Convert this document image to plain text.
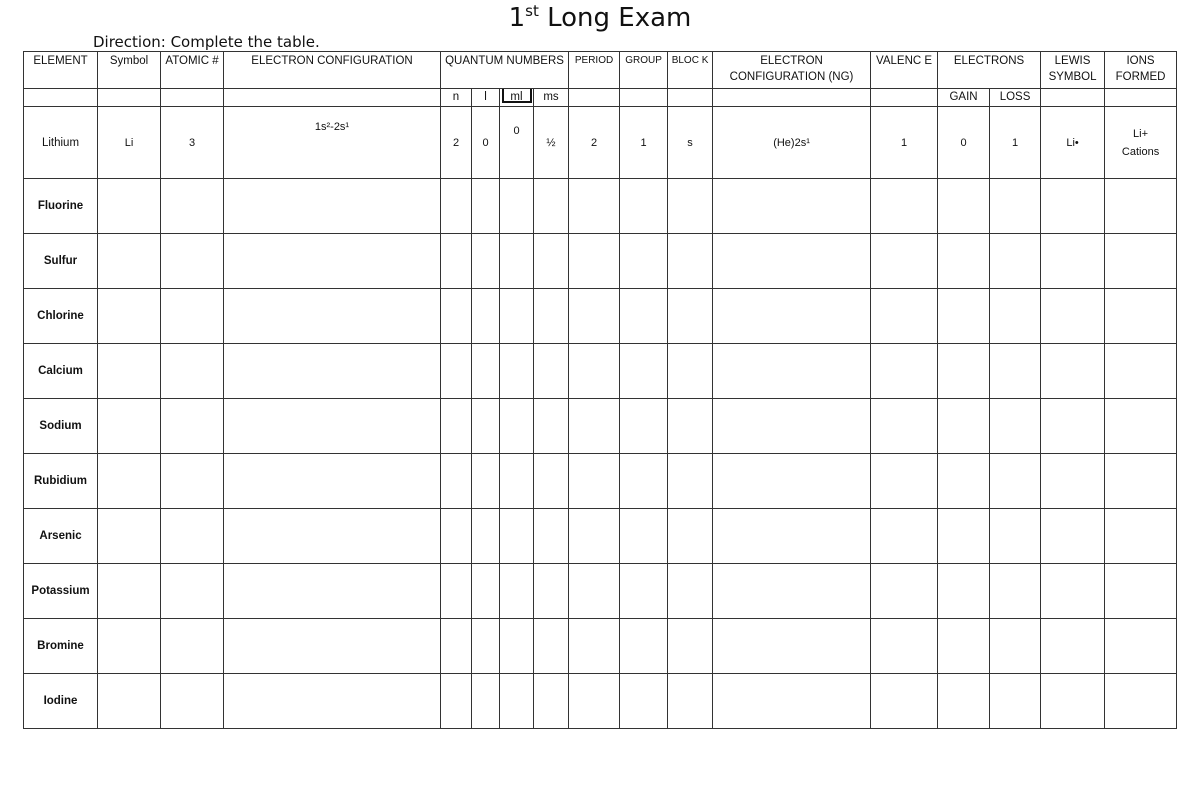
1st Long Exam
Direction: Complete the table.
ELEMENT	Symbol	ATOMIC #	ELECTRON CONFIGURATION	QUANTUM NUMBERS				PERIOD	GROUP	BLOC K	ELECTRON CONFIGURATION (NG)	VALENC E	ELECTRONS		LEWIS SYMBOL	IONS FORMED
				n	l	ml	ms						GAIN	LOSS		
Lithium	Li	3	1s²-2s¹	2	0	0	½	2	1	s	(He)2s¹	1	0	1	Li•	Li+
Cations
Fluorine																
Sulfur																
Chlorine																
Calcium																
Sodium																
Rubidium																
Arsenic																
Potassium																
Bromine																
Iodine																
